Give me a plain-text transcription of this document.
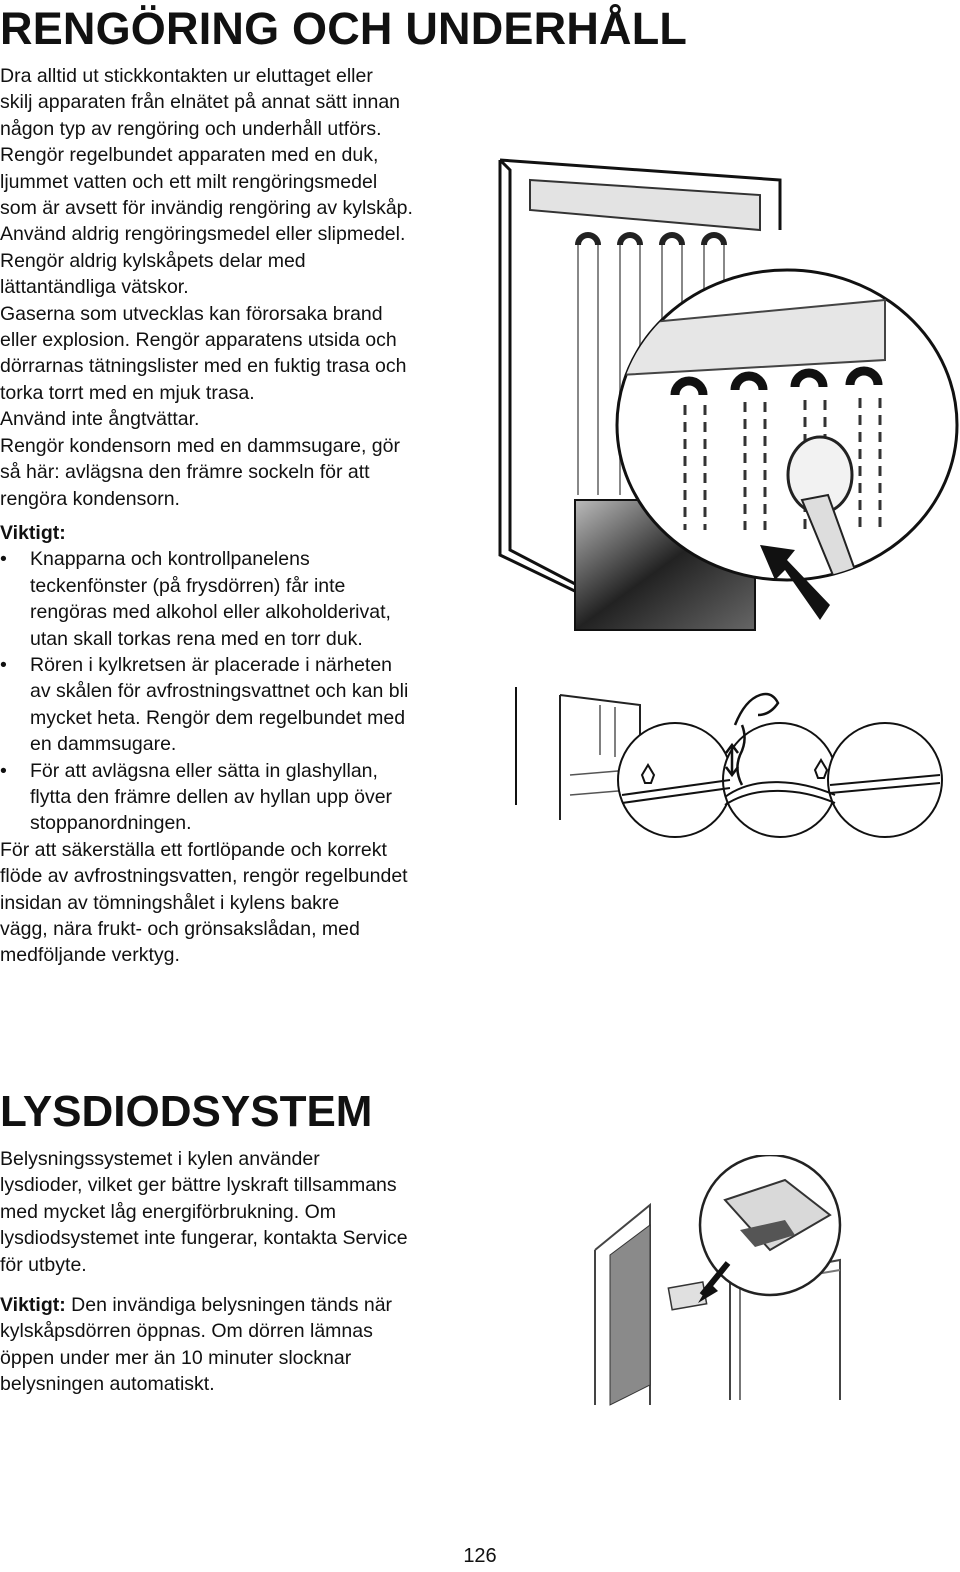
RENGÖRING OCH UNDERHÅLL

Dra alltid ut stickkontakten ur eluttaget eller
skilj apparaten från elnätet på annat sätt innan
någon typ av rengöring och underhåll utförs.
Rengör regelbundet apparaten med en duk,
ljummet vatten och ett milt rengöringsmedel
som är avsett för invändig rengöring av kylskåp.
Använd aldrig rengöringsmedel eller slipmedel.
Rengör aldrig kylskåpets delar med
lättantändliga vätskor.
Gaserna som utvecklas kan förorsaka brand
eller explosion. Rengör apparatens utsida och
dörrarnas tätningslister med en fuktig trasa och
torka torrt med en mjuk trasa.
Använd inte ångtvättar.
Rengör kondensorn med en dammsugare, gör
så här: avlägsna den främre sockeln för att
rengöra kondensorn.

Viktigt:

• Knapparna och kontrollpanelens
teckenfönster (på frysdörren) får inte
rengöras med alkohol eller alkoholderivat,
utan skall torkas rena med en torr duk.
• Rören i kylkretsen är placerade i närheten
av skålen för avfrostningsvattnet och kan bli
mycket heta. Rengör dem regelbundet med
en dammsugare.
• För att avlägsna eller sätta in glashyllan,
flytta den främre dellen av hyllan upp över
stoppanordningen.

För att säkerställa ett fortlöpande och korrekt
flöde av avfrostningsvatten, rengör regelbundet
insidan av tömningshålet i kylens bakre
vägg, nära frukt- och grönsakslådan, med
medföljande verktyg.

LYSDIODSYSTEM

Belysningssystemet i kylen använder
lysdioder, vilket ger bättre lyskraft tillsammans
med mycket låg energiförbrukning. Om
lysdiodsystemet inte fungerar, kontakta Service
för utbyte.

Viktigt: Den invändiga belysningen tänds när
kylskåpsdörren öppnas. Om dörren lämnas
öppen under mer än 10 minuter slocknar
belysningen automatiskt.

126
